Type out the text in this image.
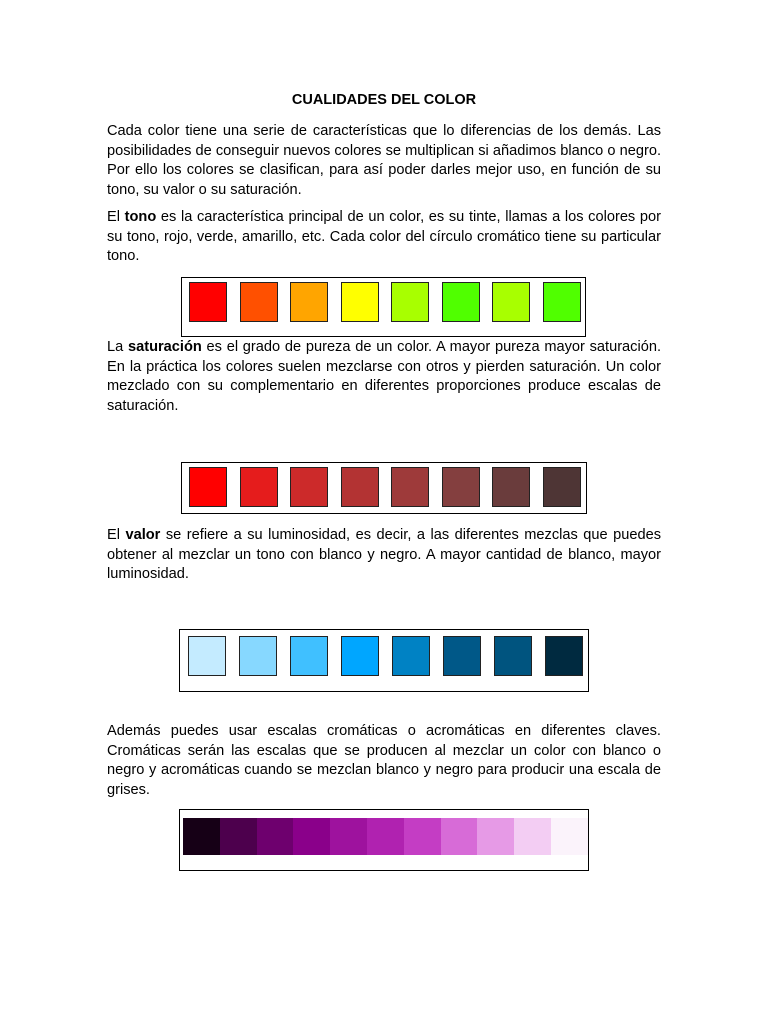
CUALIDADES DEL COLOR

Cada color tiene una serie de características que lo diferencias de los demás. Las posibilidades de conseguir nuevos colores se multiplican si añadimos blanco o negro. Por ello los colores se clasifican, para así poder darles mejor uso, en función de su tono, su valor o su saturación.

El tono es la característica principal de un color, es su tinte, llamas a los colores por su tono, rojo, verde, amarillo, etc. Cada color del círculo cromático tiene su particular tono.

La saturación es el grado de pureza de un color. A mayor pureza mayor saturación. En la práctica los colores suelen mezclarse con otros y pierden saturación. Un color mezclado con su complementario en diferentes proporciones produce escalas de saturación.

El valor se refiere a su luminosidad, es decir, a las diferentes mezclas que puedes obtener al mezclar un tono con blanco y negro. A mayor cantidad de blanco, mayor luminosidad.

Además puedes usar escalas cromáticas o acromáticas en diferentes claves. Cromáticas serán las escalas que se producen al mezclar un color con blanco o negro y acromáticas cuando se mezclan blanco y negro para producir una escala de grises.
